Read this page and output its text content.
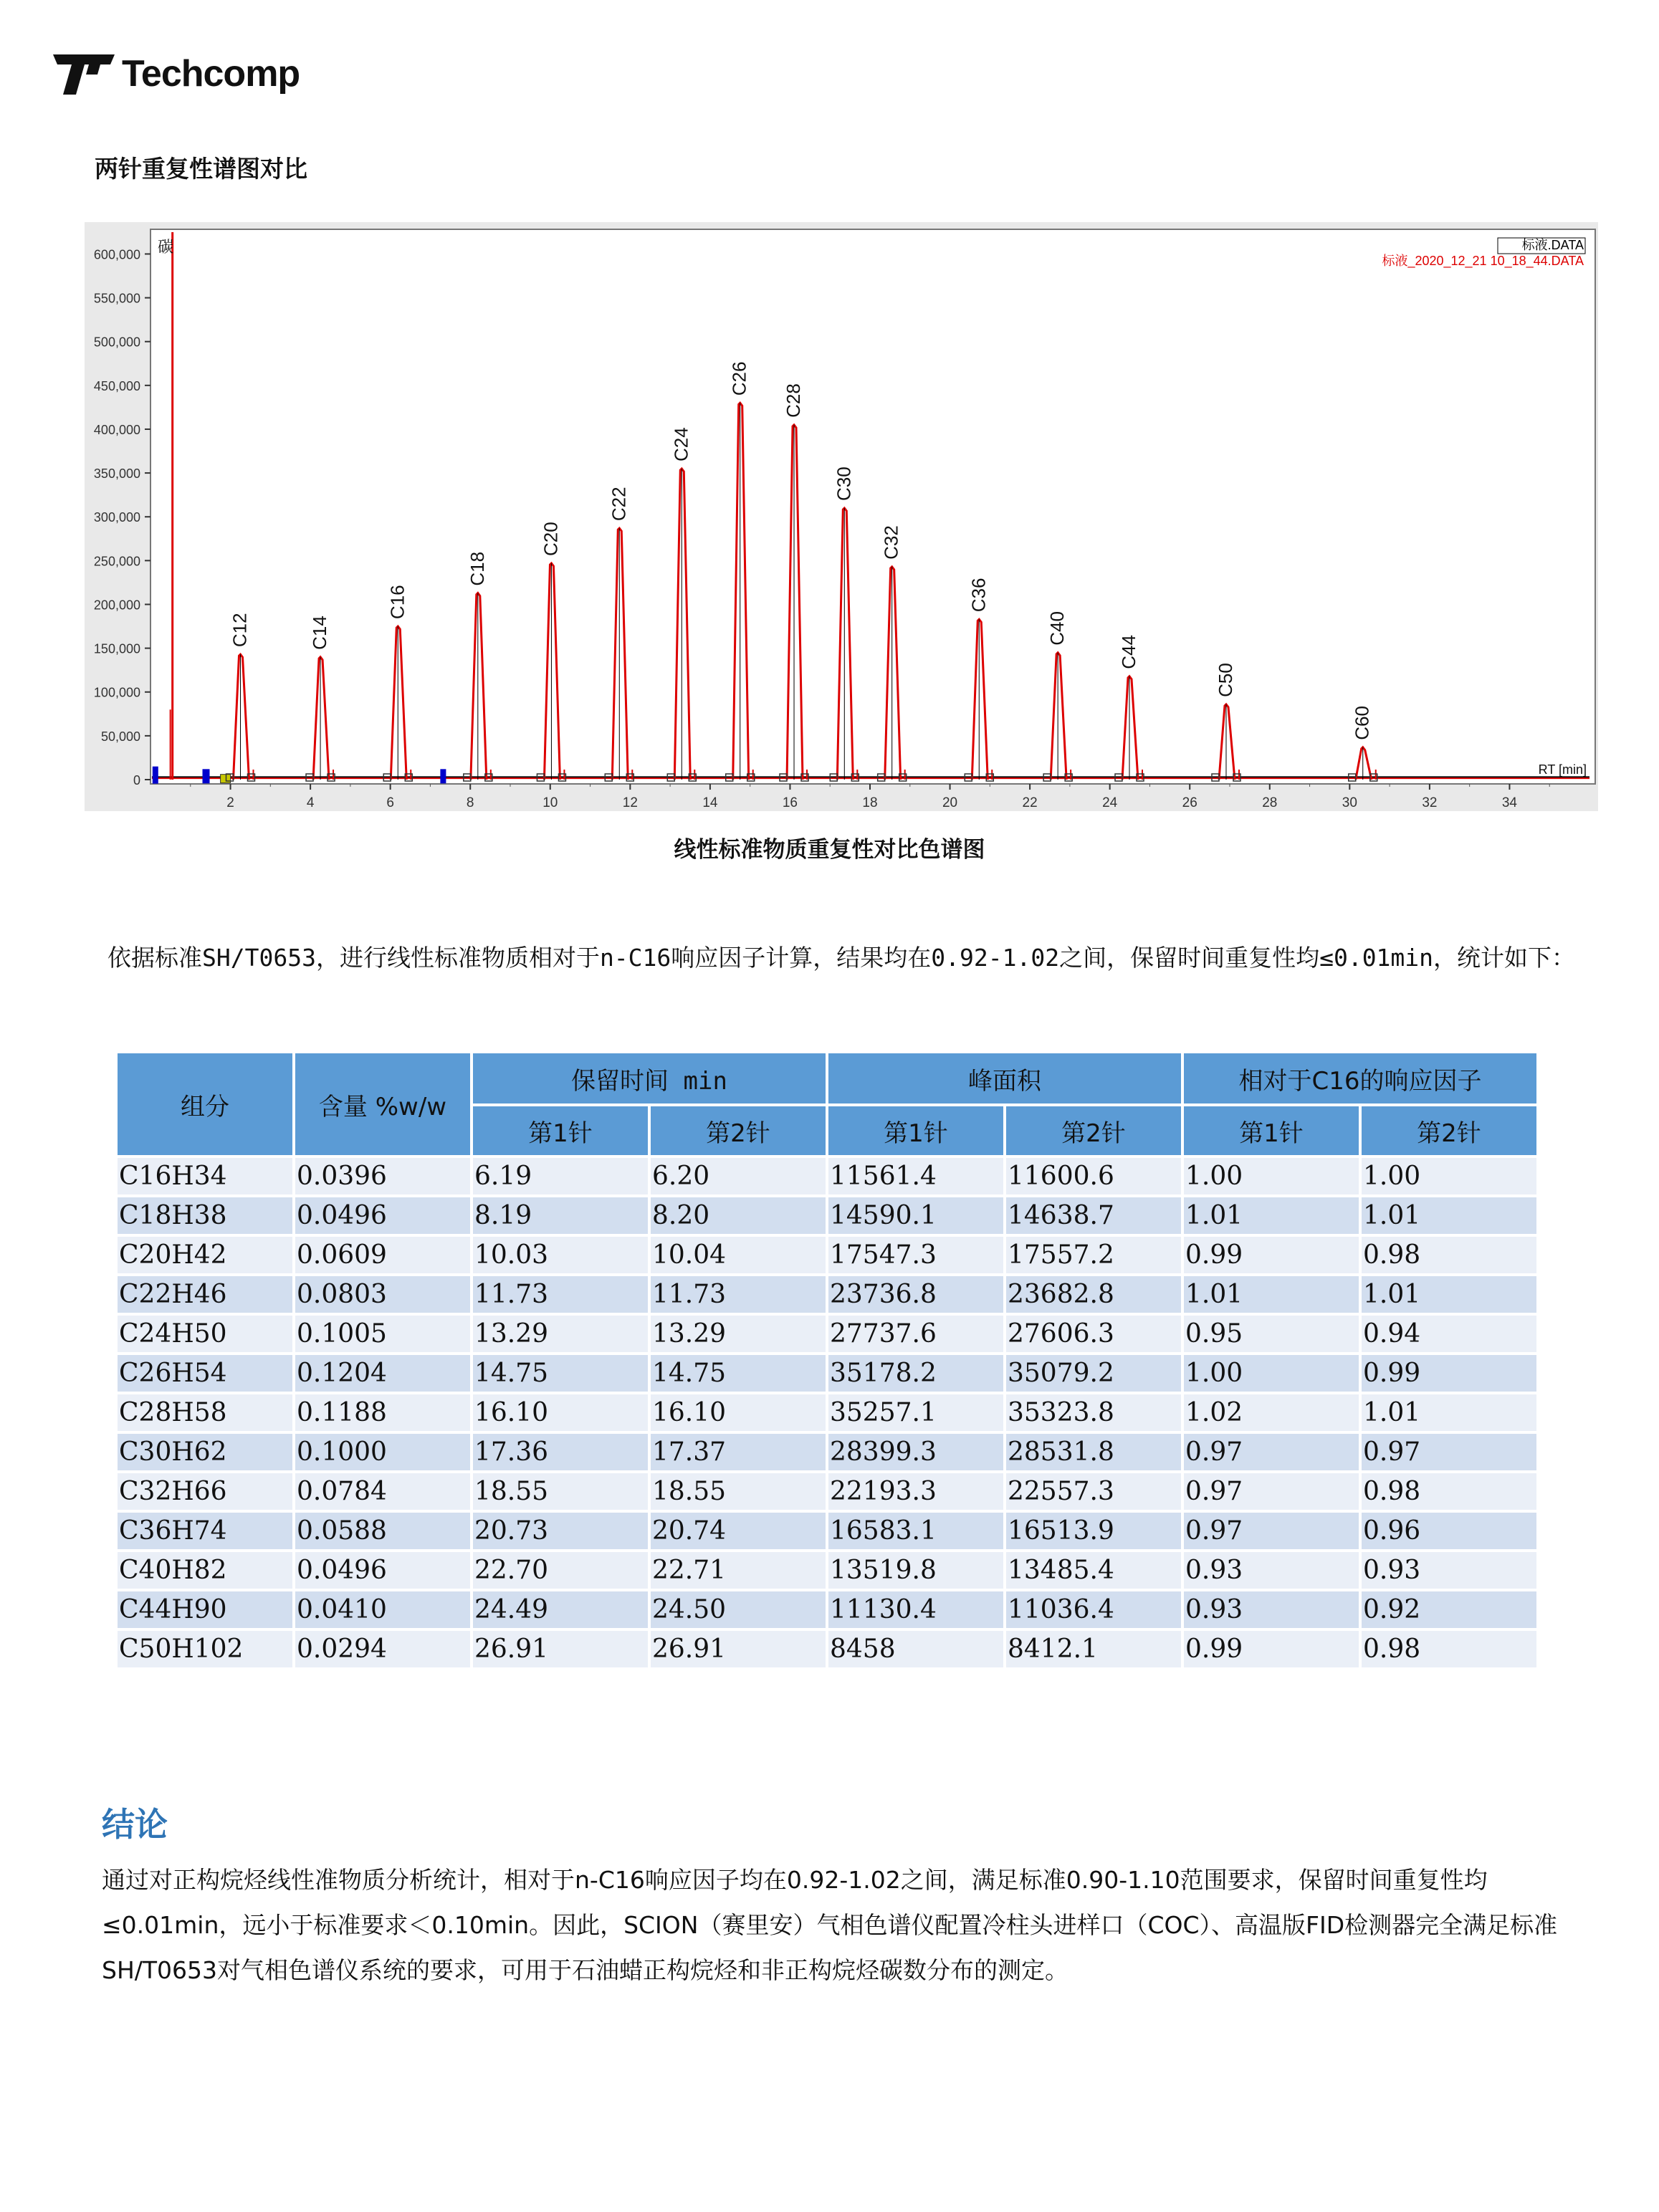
Techcomp
两针重复性谱图对比
0
50,000
100,000
150,000
200,000
250,000
300,000
350,000
400,000
450,000
500,000
550,000
600,000
2	4	6	8	10	12	14	16	18	20	22	24	26	28	30	32	34
C12	C14
C16
C18
C20
C22
C24
C26
C28
C30
C32
C36
C40
C44
C50
C60
标液.DATA
标液_2020_12_21 10_18_44.DATA
碳
RT [min]
线性标准物质重复性对比色谱图
依据标准SH/T0653，进行线性标准物质相对于n-C16响应因子计算，结果均在0.92-1.02之间，保留时间重复性均≤0.01min，统计如下：
组分	含量 %w/w	保留时间 min		峰面积		相对于C16的响应因子	
		第1针	第2针	第1针	第2针	第1针	第2针
C16H34	0.0396	6.19	6.20	11561.4	11600.6	1.00	1.00
C18H38	0.0496	8.19	8.20	14590.1	14638.7	1.01	1.01
C20H42	0.0609	10.03	10.04	17547.3	17557.2	0.99	0.98
C22H46	0.0803	11.73	11.73	23736.8	23682.8	1.01	1.01
C24H50	0.1005	13.29	13.29	27737.6	27606.3	0.95	0.94
C26H54	0.1204	14.75	14.75	35178.2	35079.2	1.00	0.99
C28H58	0.1188	16.10	16.10	35257.1	35323.8	1.02	1.01
C30H62	0.1000	17.36	17.37	28399.3	28531.8	0.97	0.97
C32H66	0.0784	18.55	18.55	22193.3	22557.3	0.97	0.98
C36H74	0.0588	20.73	20.74	16583.1	16513.9	0.97	0.96
C40H82	0.0496	22.70	22.71	13519.8	13485.4	0.93	0.93
C44H90	0.0410	24.49	24.50	11130.4	11036.4	0.93	0.92
C50H102	0.0294	26.91	26.91	8458	8412.1	0.99	0.98
结论
通过对正构烷烃线性准物质分析统计，相对于n-C16响应因子均在0.92-1.02之间，满足标准0.90-1.10范围要求，保留时间重复性均≤0.01min，远小于标准要求＜0.10min。因此，SCION（赛里安）气相色谱仪配置冷柱头进样口（COC）、高温版FID检测器完全满足标准SH/T0653对气相色谱仪系统的要求，可用于石油蜡正构烷烃和非正构烷烃碳数分布的测定。
